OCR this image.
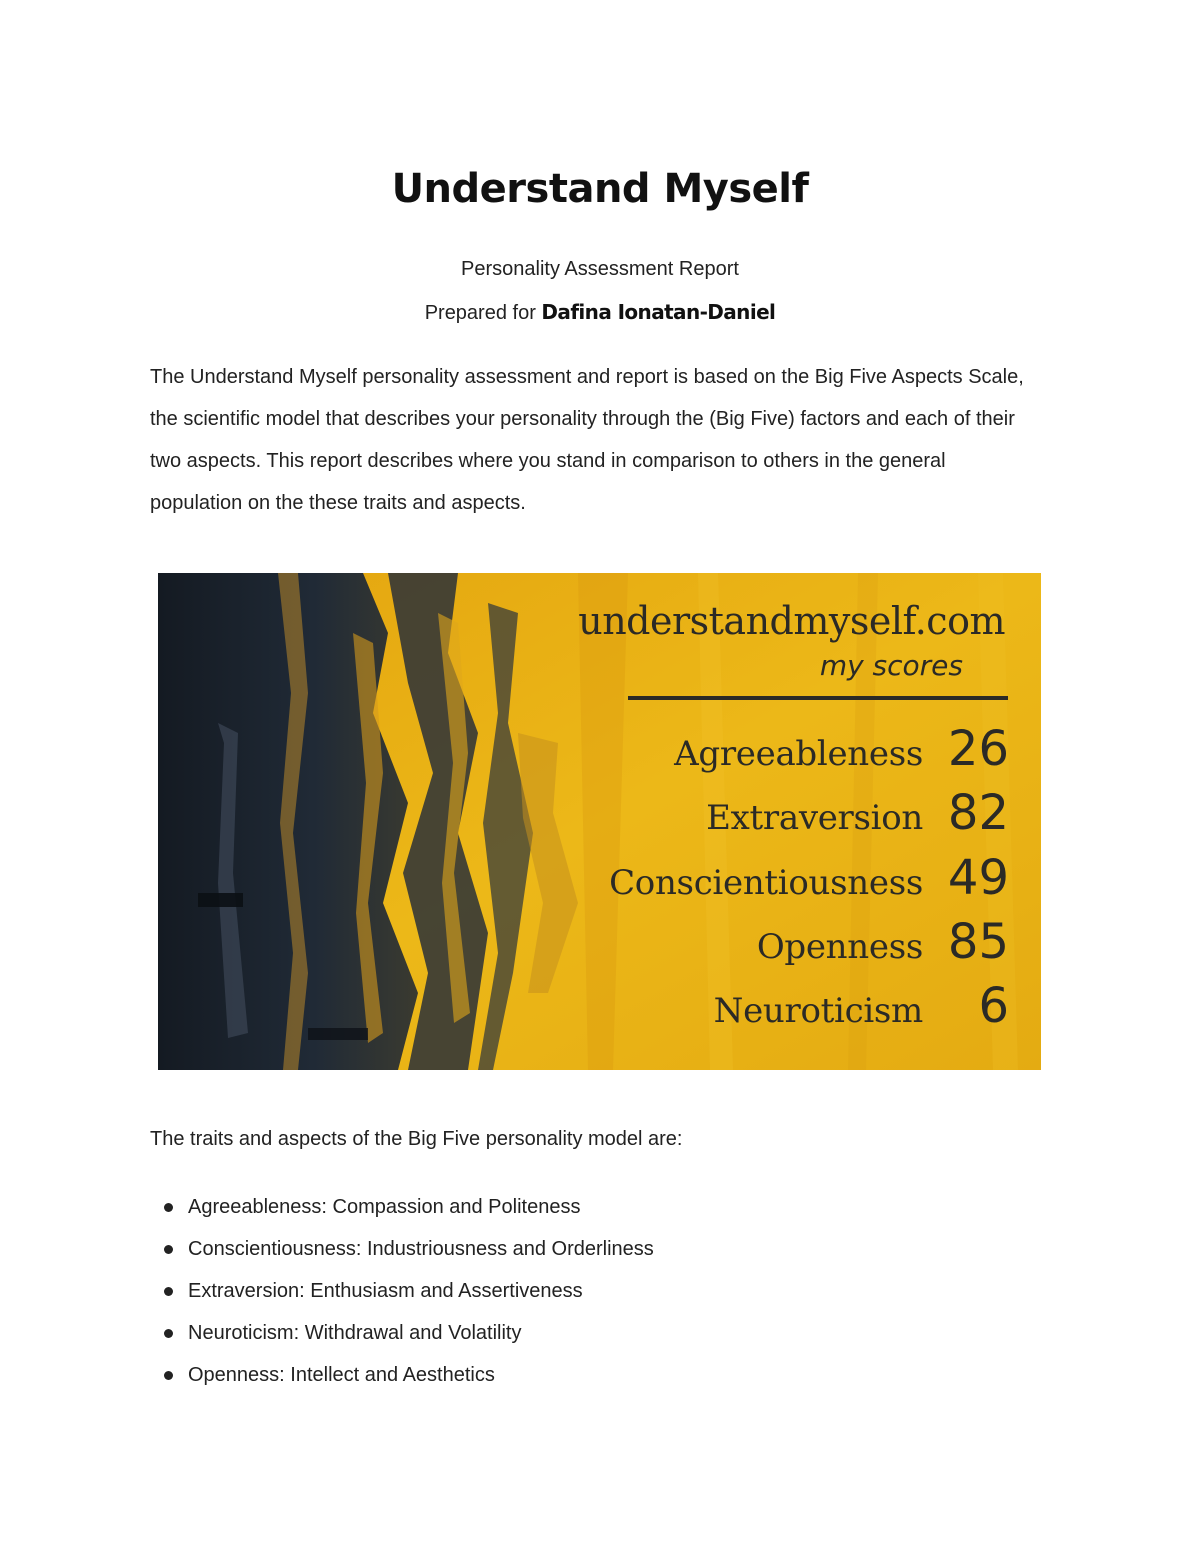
Understand Myself
Personality Assessment Report
Prepared for Dafina Ionatan-Daniel

The Understand Myself personality assessment and report is based on the Big Five Aspects Scale, the scientific model that describes your personality through the (Big Five) factors and each of their two aspects. This report describes where you stand in comparison to others in the general population on the these traits and aspects.

understandmyself.com
my scores
Agreeableness 26
Extraversion 82
Conscientiousness 49
Openness 85
Neuroticism	6
The traits and aspects of the Big Five personality model are:
Agreeableness: Compassion and Politeness
Conscientiousness: Industriousness and Orderliness
Extraversion: Enthusiasm and Assertiveness
Neuroticism: Withdrawal and Volatility
Openness: Intellect and Aesthetics
